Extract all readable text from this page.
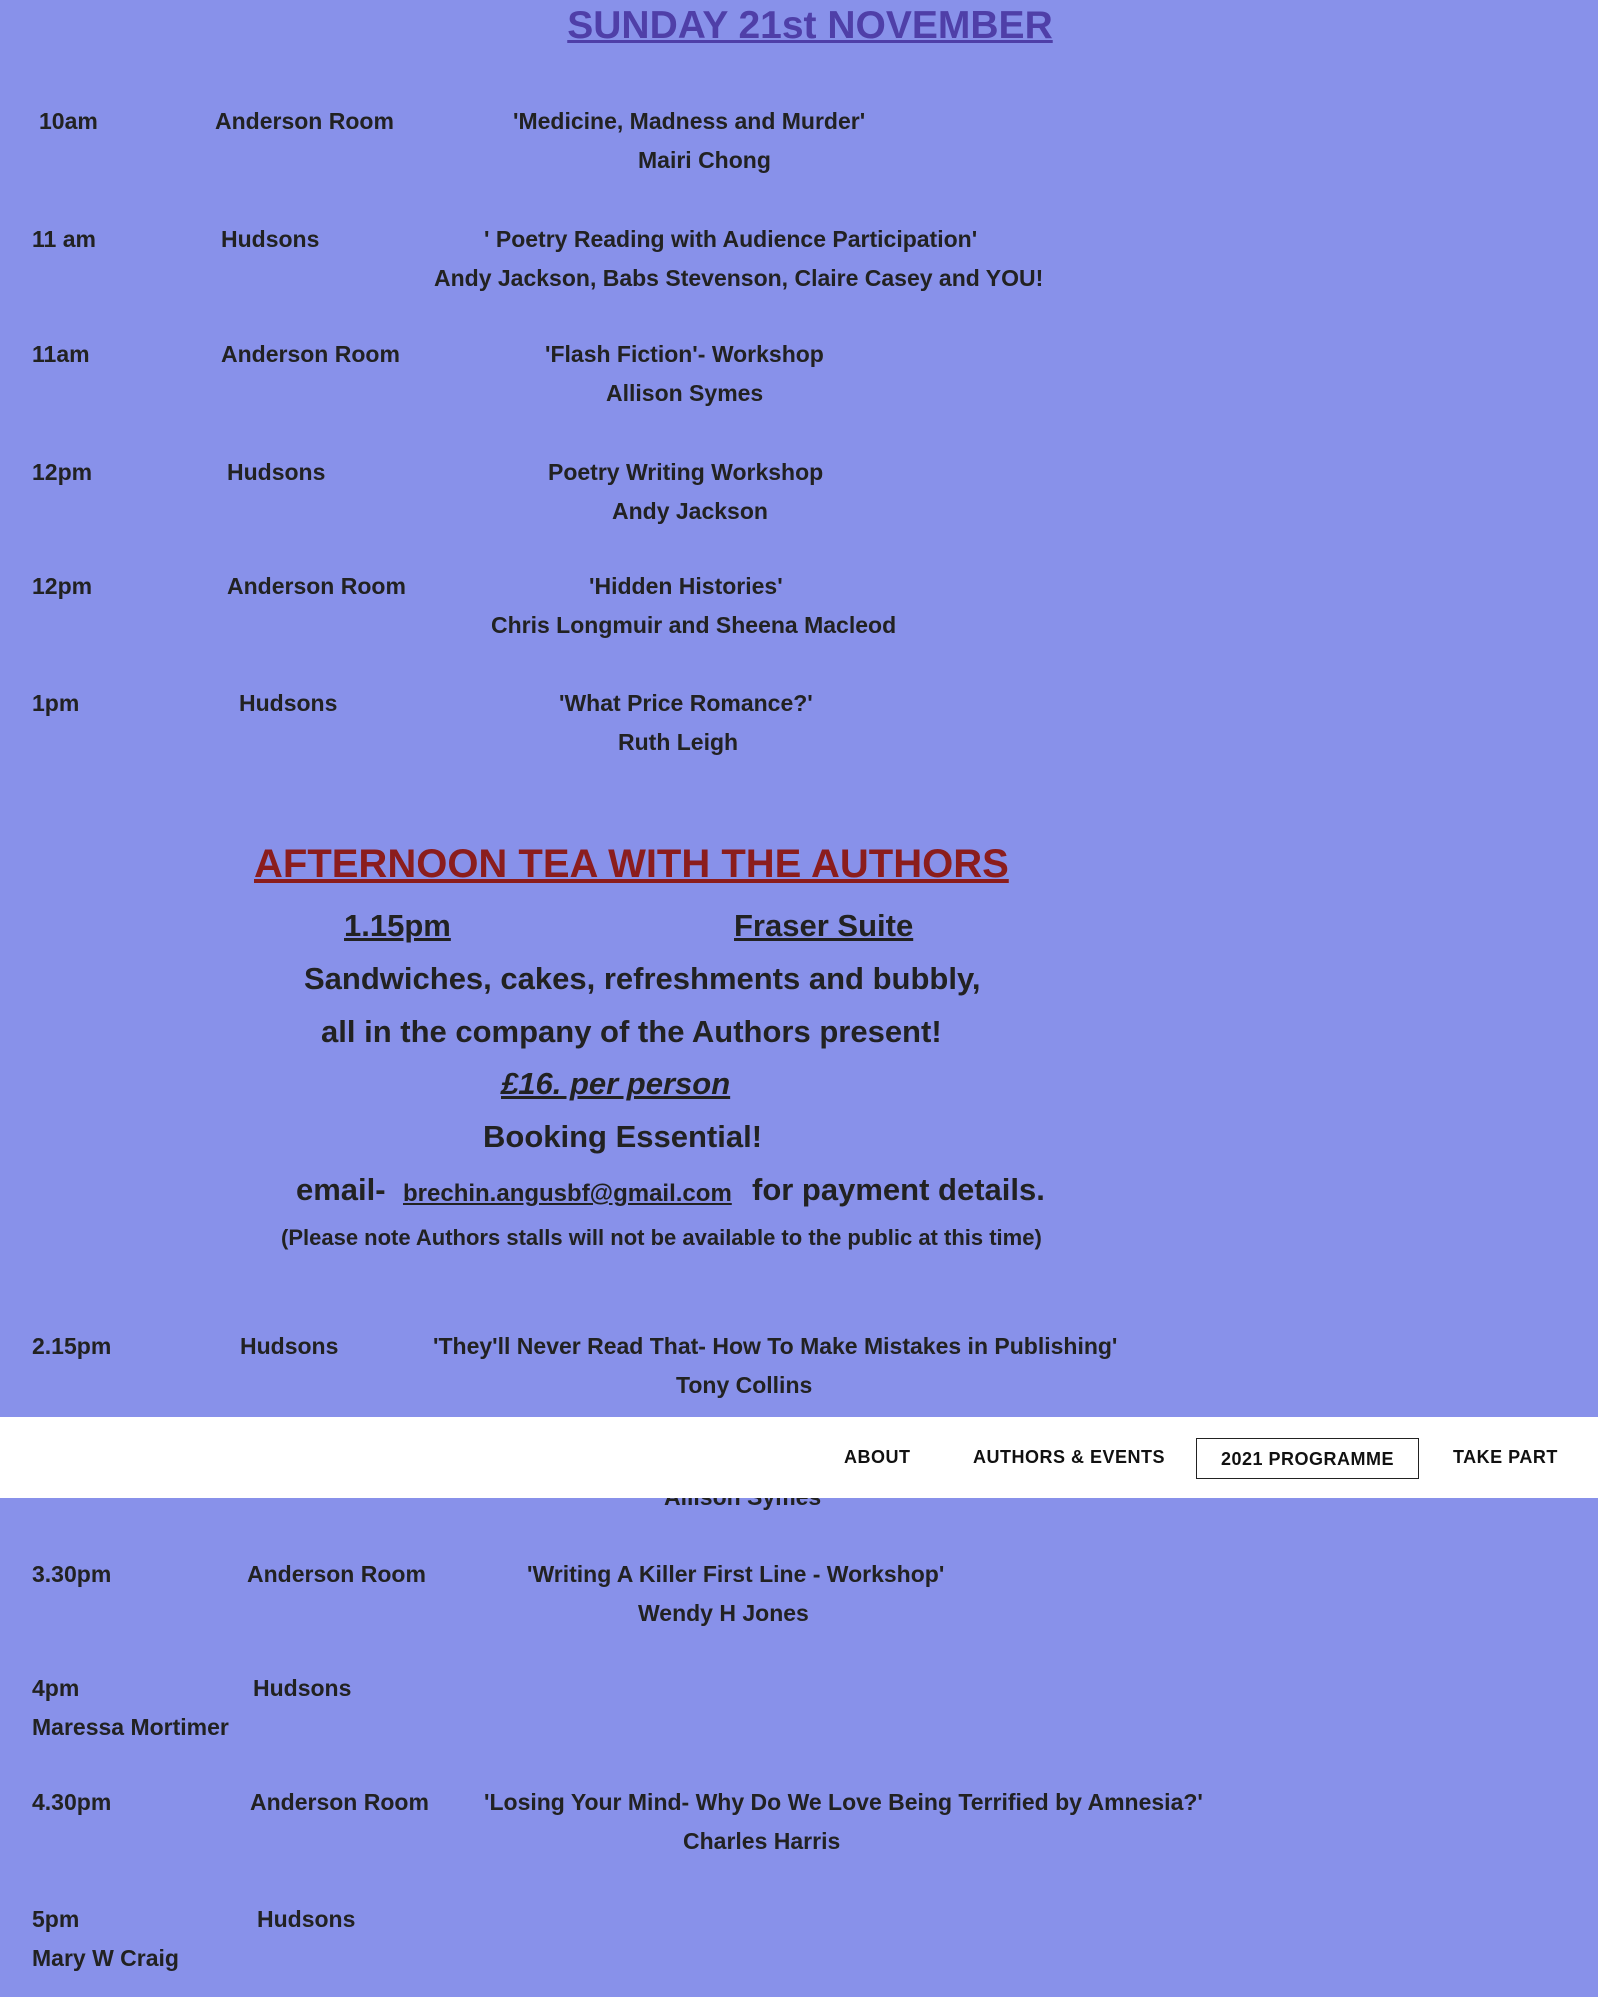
SUNDAY 21st NOVEMBER
10am	Anderson Room	'Medicine, Madness and Murder'
Mairi Chong
11 am	Hudsons	' Poetry Reading with Audience Participation'
Andy Jackson, Babs Stevenson, Claire Casey and YOU!
11am	Anderson Room	'Flash Fiction'- Workshop
Allison Symes
12pm	Hudsons	Poetry Writing Workshop
Andy Jackson
12pm	Anderson Room	'Hidden Histories'
Chris Longmuir and Sheena Macleod
1pm	Hudsons	'What Price Romance?'
Ruth Leigh
AFTERNOON TEA WITH THE AUTHORS
1.15pm	Fraser Suite
Sandwiches, cakes, refreshments and bubbly,
all in the company of the Authors present!
£16. per person
Booking Essential!
email- brechin.angusbf@gmail.com for payment details.
(Please note Authors stalls will not be available to the public at this time)
2.15pm	Hudsons	'They'll Never Read That- How To Make Mistakes in Publishing'
Tony Collins
ABOUT	AUTHORS & EVENTS	2021 PROGRAMME	TAKE PART
3.30pm	Anderson Room	'Writing A Killer First Line - Workshop'
Wendy H Jones
4pm	Hudsons
Maressa Mortimer
4.30pm	Anderson Room 'Losing Your Mind- Why Do We Love Being Terrified by Amnesia?'
Charles Harris
5pm	Hudsons
Mary W Craig
